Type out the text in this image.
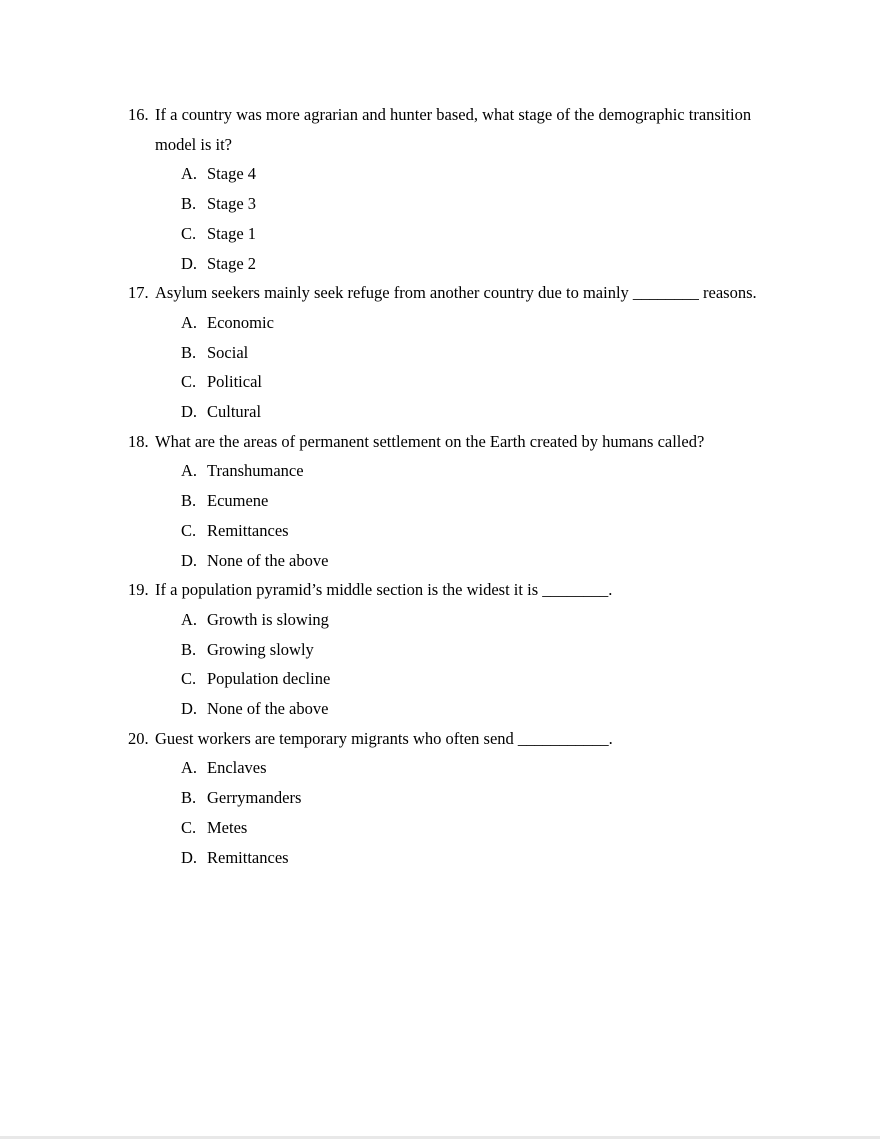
16. If a country was more agrarian and hunter based, what stage of the demographic transition model is it?
A. Stage 4
B. Stage 3
C. Stage 1
D. Stage 2
17. Asylum seekers mainly seek refuge from another country due to mainly ________ reasons.
A. Economic
B. Social
C. Political
D. Cultural
18. What are the areas of permanent settlement on the Earth created by humans called?
A. Transhumance
B. Ecumene
C. Remittances
D. None of the above
19. If a population pyramid’s middle section is the widest it is ________.
A. Growth is slowing
B. Growing slowly
C. Population decline
D. None of the above
20. Guest workers are temporary migrants who often send ___________.
A. Enclaves
B. Gerrymanders
C. Metes
D. Remittances
